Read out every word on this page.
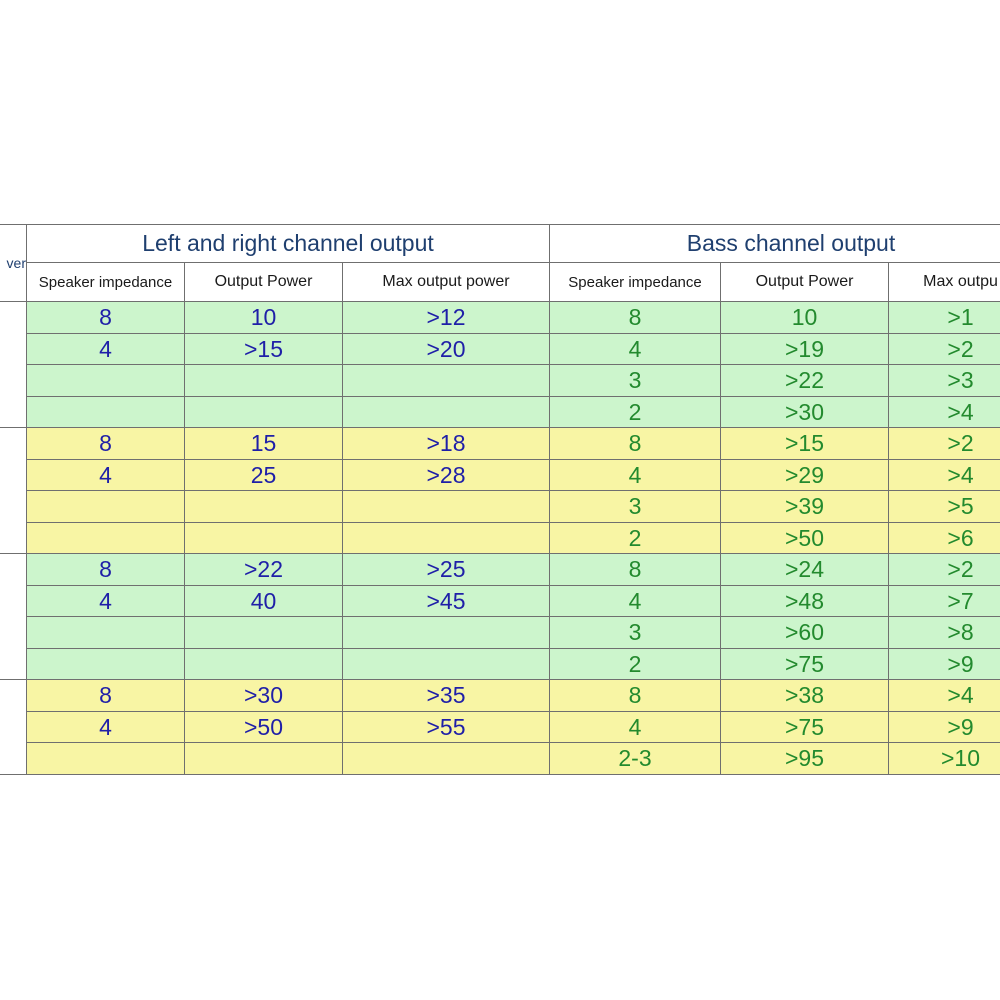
ver	Left and right channel output			Bass channel output		
	Speaker impedance	Output Power	Max output power	Speaker impedance	Output Power	Max outpu
	8	10	>12	8	10	>1
	4	>15	>20	4	>19	>2
				3	>22	>3
				2	>30	>4
	8	15	>18	8	>15	>2
	4	25	>28	4	>29	>4
				3	>39	>5
				2	>50	>6
	8	>22	>25	8	>24	>2
	4	40	>45	4	>48	>7
				3	>60	>8
				2	>75	>9
	8	>30	>35	8	>38	>4
	4	>50	>55	4	>75	>9
				2-3	>95	>10
